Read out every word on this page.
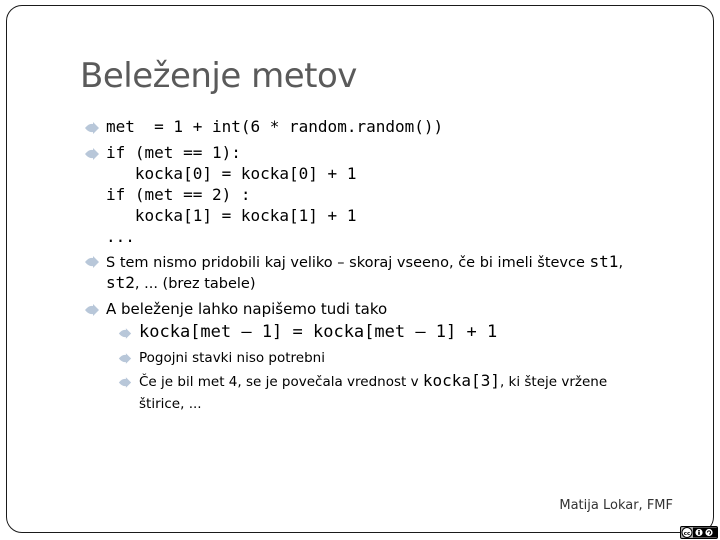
Beleženje metov
met  = 1 + int(6 * random.random())
if (met == 1):
kocka[0] = kocka[0] + 1
if (met == 2) :
kocka[1] = kocka[1] + 1
...
S tem nismo pridobili kaj veliko – skoraj vseeno, če bi imeli števce st1,
st2, ... (brez tabele)
A beleženje lahko napišemo tudi tako
kocka[met – 1] = kocka[met – 1] + 1
Pogojni stavki niso potrebni
Če je bil met 4, se je povečala vrednost v kocka[3], ki šteje vržene
štirice, ...
Matija Lokar, FMF
cc
